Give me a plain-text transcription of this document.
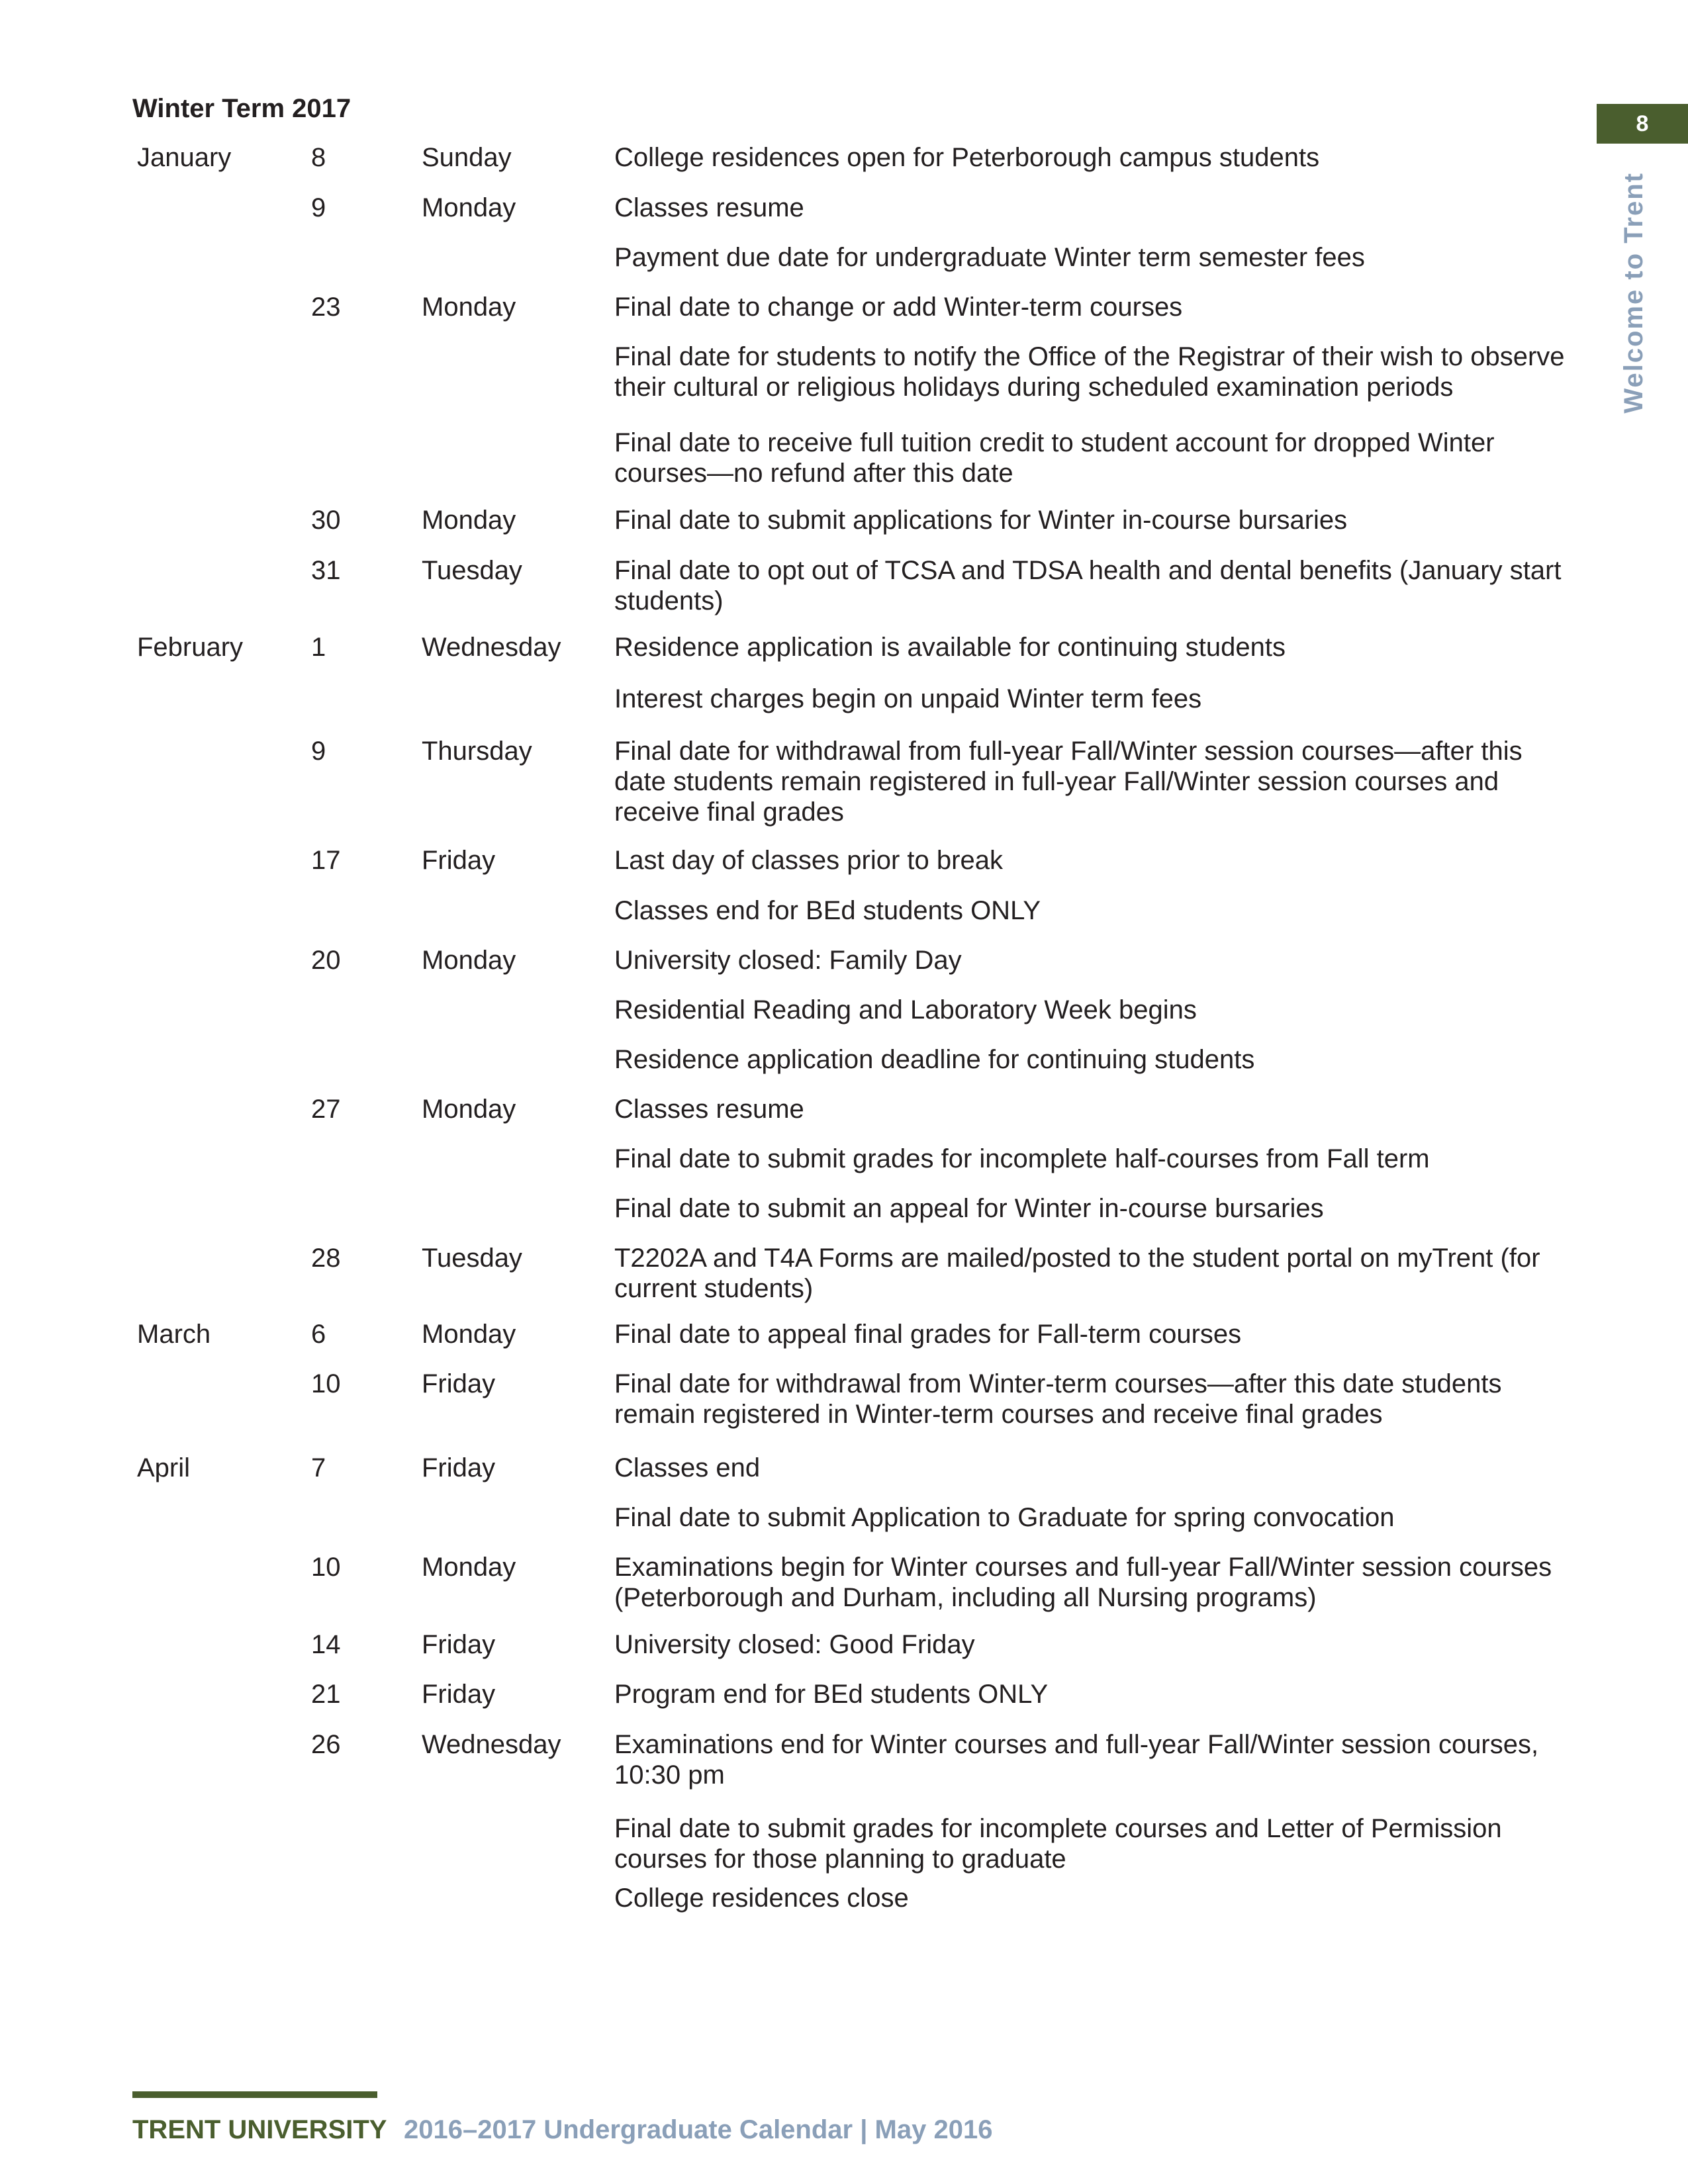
Winter Term 2017
8
Welcome to Trent
January	8	Sunday	College residences open for Peterborough campus students
9	Monday	Classes resume
Payment due date for undergraduate Winter term semester fees
23	Monday	Final date to change or add Winter-term courses
Final date for students to notify the Office of the Registrar of their wish to observe their cultural or religious holidays during scheduled examination periods
Final date to receive full tuition credit to student account for dropped Winter courses—no refund after this date
30	Monday	Final date to submit applications for Winter in-course bursaries
31	Tuesday	Final date to opt out of TCSA and TDSA health and dental benefits (January start students)
February	1	Wednesday Residence application is available for continuing students
Interest charges begin on unpaid Winter term fees
9	Thursday	Final date for withdrawal from full-year Fall/Winter session courses—after this date students remain registered in full-year Fall/Winter session courses and receive final grades
17	Friday	Last day of classes prior to break
Classes end for BEd students ONLY
20	Monday	University closed: Family Day
Residential Reading and Laboratory Week begins
Residence application deadline for continuing students
27	Monday	Classes resume
Final date to submit grades for incomplete half-courses from Fall term
Final date to submit an appeal for Winter in-course bursaries
28	Tuesday	T2202A and T4A Forms are mailed/posted to the student portal on myTrent (for current students)
March	6	Monday	Final date to appeal final grades for Fall-term courses
10	Friday	Final date for withdrawal from Winter-term courses—after this date students remain registered in Winter-term courses and receive final grades
April	7	Friday	Classes end
Final date to submit Application to Graduate for spring convocation
10	Monday	Examinations begin for Winter courses and full-year Fall/Winter session courses (Peterborough and Durham, including all Nursing programs)
14	Friday	University closed: Good Friday
21	Friday	Program end for BEd students ONLY
26	Wednesday Examinations end for Winter courses and full-year Fall/Winter session courses, 10:30 pm
Final date to submit grades for incomplete courses and Letter of Permission courses for those planning to graduate
College residences close
TRENT UNIVERSITY 2016–2017 Undergraduate Calendar | May 2016
